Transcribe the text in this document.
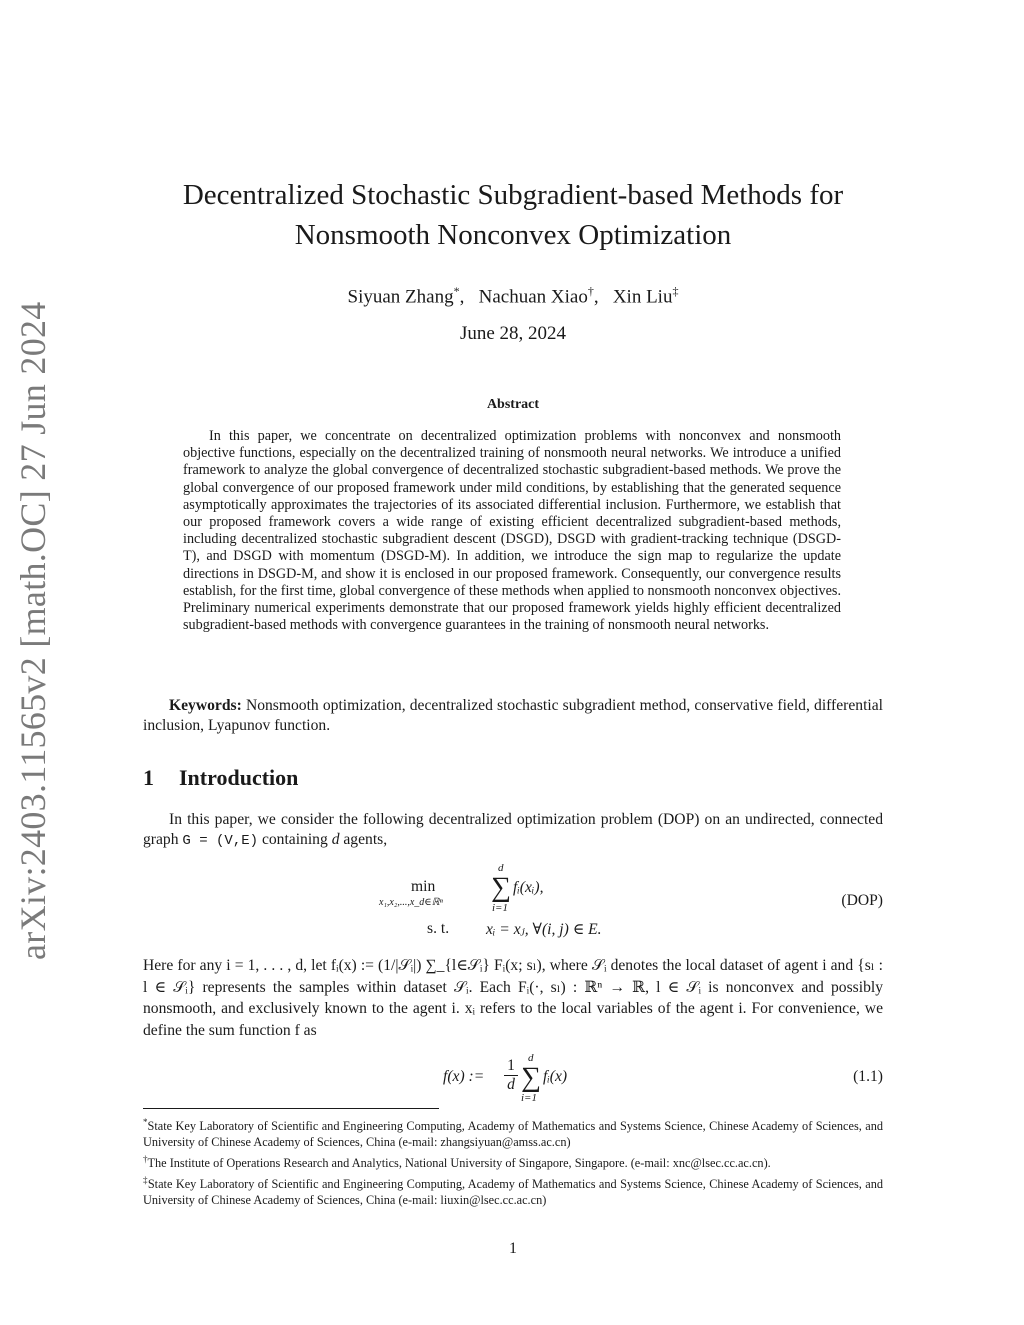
arXiv:2403.11565v2 [math.OC] 27 Jun 2024
Decentralized Stochastic Subgradient-based Methods for
Nonsmooth Nonconvex Optimization
Siyuan Zhang*,   Nachuan Xiao†,   Xin Liu‡
June 28, 2024
Abstract

In this paper, we concentrate on decentralized optimization problems with nonconvex and nonsmooth objective functions, especially on the decentralized training of nonsmooth neural networks. We introduce a unified framework to analyze the global convergence of decentralized stochastic subgradient-based methods. We prove the global convergence of our proposed framework under mild conditions, by establishing that the generated sequence asymptotically approximates the trajectories of its associated differential inclusion. Furthermore, we establish that our proposed framework covers a wide range of existing efficient decentralized subgradient-based methods, including decentralized stochastic subgradient descent (DSGD), DSGD with gradient-tracking technique (DSGD-T), and DSGD with momentum (DSGD-M). In addition, we introduce the sign map to regularize the update directions in DSGD-M, and show it is enclosed in our proposed framework. Consequently, our convergence results establish, for the first time, global convergence of these methods when applied to nonsmooth nonconvex objectives. Preliminary numerical experiments demonstrate that our proposed framework yields highly efficient decentralized subgradient-based methods with convergence guarantees in the training of nonsmooth neural networks.

Keywords: Nonsmooth optimization, decentralized stochastic subgradient method, conservative field, differential inclusion, Lyapunov function.

1 Introduction

In this paper, we consider the following decentralized optimization problem (DOP) on an undirected, connected graph G = (V,E) containing d agents,

min
x₁,x₂,...,x_d∈ℝⁿ
d
∑
i=1
fᵢ(xᵢ),
s. t. xᵢ = xⱼ, ∀(i, j) ∈ E.
(DOP)

Here for any i = 1, . . . , d, let fᵢ(x) := (1/|𝒮ᵢ|) ∑_{l∈𝒮ᵢ} Fᵢ(x; sₗ), where 𝒮ᵢ denotes the local dataset of agent i and {sₗ : l ∈ 𝒮ᵢ} represents the samples within dataset 𝒮ᵢ. Each Fᵢ(·, sₗ) : ℝⁿ → ℝ, l ∈ 𝒮ᵢ is nonconvex and possibly nonsmooth, and exclusively known to the agent i. xᵢ refers to the local variables of the agent i. For convenience, we define the sum function f as

f(x) := $\frac{1}{d}$ d
∑
i=1
fᵢ(x)	(1.1)

*State Key Laboratory of Scientific and Engineering Computing, Academy of Mathematics and Systems Science, Chinese Academy of Sciences, and University of Chinese Academy of Sciences, China (e-mail: zhangsiyuan@amss.ac.cn)

†The Institute of Operations Research and Analytics, National University of Singapore, Singapore. (e-mail: xnc@lsec.cc.ac.cn).

‡State Key Laboratory of Scientific and Engineering Computing, Academy of Mathematics and Systems Science, Chinese Academy of Sciences, and University of Chinese Academy of Sciences, China (e-mail: liuxin@lsec.cc.ac.cn)

1
